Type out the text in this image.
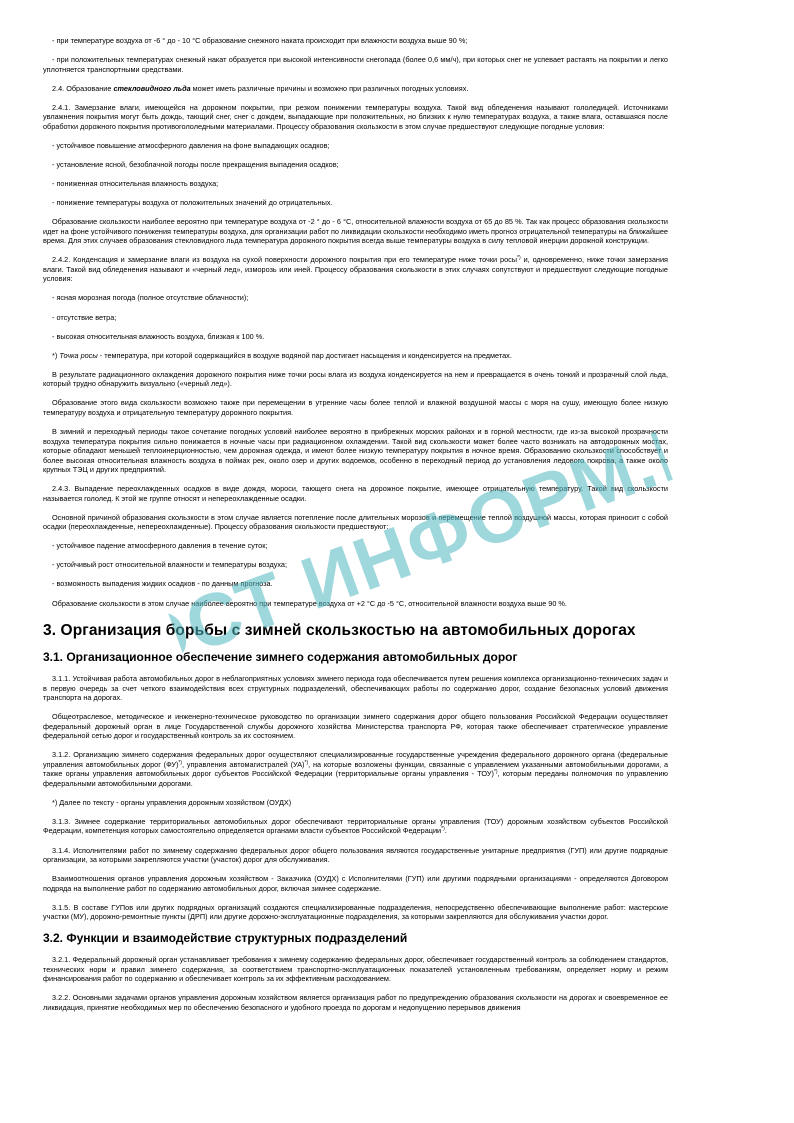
- при температуре воздуха от -6 ° до - 10 °С образование снежного наката происходит при влажности воздуха выше 90 %;

- при положительных температурах снежный накат образуется при высокой интенсивности снегопада (более 0,6 мм/ч), при которых снег не успевает растаять на покрытии и легко уплотняется транспортными средствами.

2.4. Образование стекловидного льда может иметь различные причины и возможно при различных погодных условиях.

2.4.1. Замерзание влаги, имеющейся на дорожном покрытии, при резком понижении температуры воздуха. Такой вид обледенения называют гололедицей. Источниками увлажнения покрытия могут быть дождь, тающий снег, снег с дождем, выпадающие при положительных, но близких к нулю температурах воздуха, а также влага, оставшаяся после обработки дорожного покрытия противогололедными материалами. Процессу образования скользкости в этом случае предшествуют следующие погодные условия:

- устойчивое повышение атмосферного давления на фоне выпадающих осадков;

- установление ясной, безоблачной погоды после прекращения выпадения осадков;

- пониженная относительная влажность воздуха;

- понижение температуры воздуха от положительных значений до отрицательных.

Образование скользкости наиболее вероятно при температуре воздуха от -2 ° до - 6 °С, относительной влажности воздуха от 65 до 85 %. Так как процесс образования скользкости идет на фоне устойчивого понижения температуры воздуха, для организации работ по ликвидации скользкости необходимо иметь прогноз отрицательной температуры на ближайшее время. Для этих случаев образования стекловидного льда температура дорожного покрытия всегда выше температуры воздуха в силу тепловой инерции дорожной конструкции.

2.4.2. Конденсация и замерзание влаги из воздуха на сухой поверхности дорожного покрытия при его температуре ниже точки росы*) и, одновременно, ниже точки замерзания влаги. Такой вид обледенения называют и «черный лед», изморозь или иней. Процессу образования скользкости в этих случаях сопутствуют и предшествуют следующие погодные условия:

- ясная морозная погода (полное отсутствие облачности);

- отсутствие ветра;

- высокая относительная влажность воздуха, близкая к 100 %.

*) Точка росы - температура, при которой содержащийся в воздухе водяной пар достигает насыщения и конденсируется на предметах.

В результате радиационного охлаждения дорожного покрытия ниже точки росы влага из воздуха конденсируется на нем и превращается в очень тонкий и прозрачный слой льда, который трудно обнаружить визуально («черный лед»).

Образование этого вида скользкости возможно также при перемещении в утренние часы более теплой и влажной воздушной массы с моря на сушу, имеющую более низкую температуру воздуха и отрицательную температуру дорожного покрытия.

В зимний и переходный периоды такое сочетание погодных условий наиболее вероятно в прибрежных морских районах и в горной местности, где из-за высокой прозрачности воздуха температура покрытия сильно понижается в ночные часы при радиационном охлаждении. Такой вид скользкости может более часто возникать на автодорожных мостах, которые обладают меньшей теплоинерционностью, чем дорожная одежда, и имеют более низкую температуру покрытия в ночное время. Образованию скользкости способствует и более высокая относительная влажность воздуха в поймах рек, около озер и других водоемов, особенно в переходный период до установления ледового покрова, а также около крупных ТЭЦ и других предприятий.

2.4.3. Выпадение переохлажденных осадков в виде дождя, мороси, тающего снега на дорожное покрытие, имеющее отрицательную температуру. Такой вид скользкости называется гололед. К этой же группе относят и непереохлажденные осадки.

Основной причиной образования скользкости в этом случае является потепление после длительных морозов и перемещение теплой воздушной массы, которая приносит с собой осадки (переохлажденные, непереохлажденные). Процессу образования скользкости предшествуют:

- устойчивое падение атмосферного давления в течение суток;

- устойчивый рост относительной влажности и температуры воздуха;

- возможность выпадения жидких осадков - по данным прогноза.

Образование скользкости в этом случае наиболее вероятно при температуре воздуха от +2 °С до -5 °С, относительной влажности воздуха выше 90 %.

3. Организация борьбы с зимней скользкостью на автомобильных дорогах
3.1. Организационное обеспечение зимнего содержания автомобильных дорог

3.1.1. Устойчивая работа автомобильных дорог в неблагоприятных условиях зимнего периода года обеспечивается путем решения комплекса организационно-технических задач и в первую очередь за счет четкого взаимодействия всех структурных подразделений, обеспечивающих работы по содержанию дорог, создание безопасных условий движения транспорта на дорогах.

Общеотраслевое, методическое и инженерно-техническое руководство по организации зимнего содержания дорог общего пользования Российской Федерации осуществляет федеральный дорожный орган в лице Государственной службы дорожного хозяйства Министерства транспорта РФ, которая также обеспечивает стратегическое управление федеральной сетью дорог и государственный контроль за их состоянием.

3.1.2. Организацию зимнего содержания федеральных дорог осуществляют специализированные государственные учреждения федерального дорожного органа (федеральные управления автомобильных дорог (ФУ)*), управления автомагистралей (УА)*), на которые возложены функции, связанные с управлением указанными автомобильными дорогами, а также органы управления автомобильных дорог субъектов Российской Федерации (территориальные органы управления - ТОУ)*), которым переданы полномочия по управлению федеральными автомобильными дорогами.

*) Далее по тексту - органы управления дорожным хозяйством (ОУДХ)

3.1.3. Зимнее содержание территориальных автомобильных дорог обеспечивают территориальные органы управления (ТОУ) дорожным хозяйством субъектов Российской Федерации, компетенция которых самостоятельно определяется органами власти субъектов Российской Федерации*).

3.1.4. Исполнителями работ по зимнему содержанию федеральных дорог общего пользования являются государственные унитарные предприятия (ГУП) или другие подрядные организации, за которыми закрепляются участки (участок) дорог для обслуживания.

Взаимоотношения органов управления дорожным хозяйством - Заказчика (ОУДХ) с Исполнителями (ГУП) или другими подрядными организациями - определяются Договором подряда на выполнение работ по содержанию автомобильных дорог, включая зимнее содержание.

3.1.5. В составе ГУПов или других подрядных организаций создаются специализированные подразделения, непосредственно обеспечивающие выполнение работ: мастерские участки (МУ), дорожно-ремонтные пункты (ДРП) или другие дорожно-эксплуатационные подразделения, за которыми закрепляются для обслуживания участки дорог.

3.2. Функции и взаимодействие структурных подразделений

3.2.1. Федеральный дорожный орган устанавливает требования к зимнему содержанию федеральных дорог, обеспечивает государственный контроль за соблюдением стандартов, технических норм и правил зимнего содержания, за соответствием транспортно-эксплуатационных показателей установленным требованиям, определяет норму и режим финансирования работ по содержанию и обеспечивает контроль за их эффективным расходованием.

3.2.2. Основными задачами органов управления дорожным хозяйством является организация работ по предупреждению образования скользкости на дорогах и своевременное ее ликвидация, принятие необходимых мер по обеспечению безопасного и удобного проезда по дорогам и недопущению перерывов движения

ГОСТ ИНФОРМ.РУ
